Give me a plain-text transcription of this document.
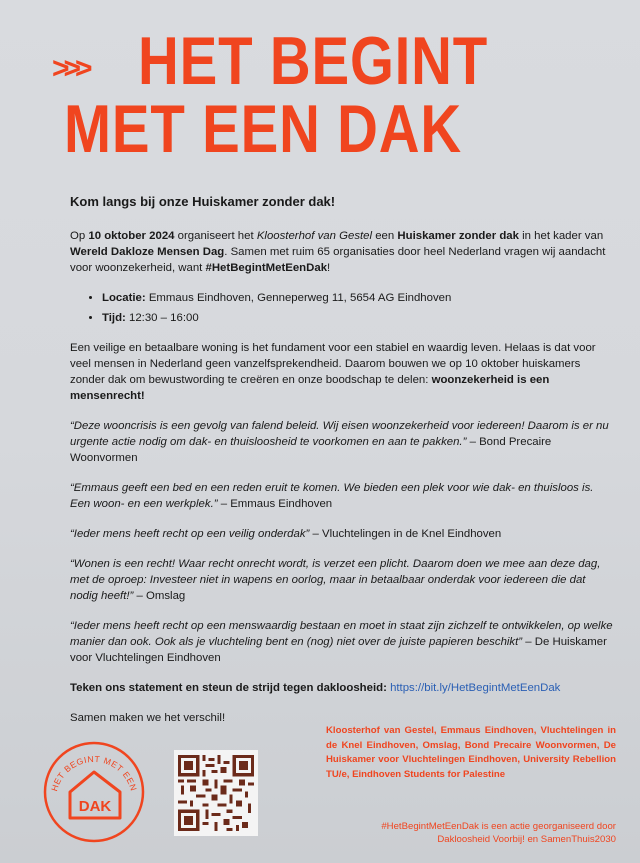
>>> HET BEGINT
MET EEN DAK
Kom langs bij onze Huiskamer zonder dak!

Op 10 oktober 2024 organiseert het Kloosterhof van Gestel een Huiskamer zonder dak in het kader van Wereld Dakloze Mensen Dag. Samen met ruim 65 organisaties door heel Nederland vragen wij aandacht voor woonzekerheid, want #HetBegintMetEenDak!

• Locatie: Emmaus Eindhoven, Genneperweg 11, 5654 AG Eindhoven
• Tijd: 12:30 – 16:00

Een veilige en betaalbare woning is het fundament voor een stabiel en waardig leven. Helaas is dat voor veel mensen in Nederland geen vanzelfsprekendheid. Daarom bouwen we op 10 oktober huiskamers zonder dak om bewustwording te creëren en onze boodschap te delen: woonzekerheid is een mensenrecht!

“Deze wooncrisis is een gevolg van falend beleid. Wij eisen woonzekerheid voor iedereen! Daarom is er nu urgente actie nodig om dak- en thuisloosheid te voorkomen en aan te pakken.” – Bond Precaire Woonvormen

“Emmaus geeft een bed en een reden eruit te komen. We bieden een plek voor wie dak- en thuisloos is. Een woon- en een werkplek.” – Emmaus Eindhoven

“Ieder mens heeft recht op een veilig onderdak” – Vluchtelingen in de Knel Eindhoven

“Wonen is een recht! Waar recht onrecht wordt, is verzet een plicht. Daarom doen we mee aan deze dag, met de oproep: Investeer niet in wapens en oorlog, maar in betaalbaar onderdak voor iedereen die dat nodig heeft!” – Omslag

“Ieder mens heeft recht op een menswaardig bestaan en moet in staat zijn zichzelf te ontwikkelen, op welke manier dan ook. Ook als je vluchteling bent en (nog) niet over de juiste papieren beschikt” – De Huiskamer voor Vluchtelingen Eindhoven

Teken ons statement en steun de strijd tegen dakloosheid: https://bit.ly/HetBegintMetEenDak

Samen maken we het verschil!

HET BEGINT MET EEN
DAK
Kloosterhof van Gestel, Emmaus Eindhoven, Vluchtelingen in de Knel Eindhoven, Omslag, Bond Precaire Woonvormen, De Huiskamer voor Vluchtelingen Eindhoven, University Rebellion TU/e, Eindhoven Students for Palestine
#HetBegintMetEenDak is een actie georganiseerd door
Dakloosheid Voorbij! en SamenThuis2030
